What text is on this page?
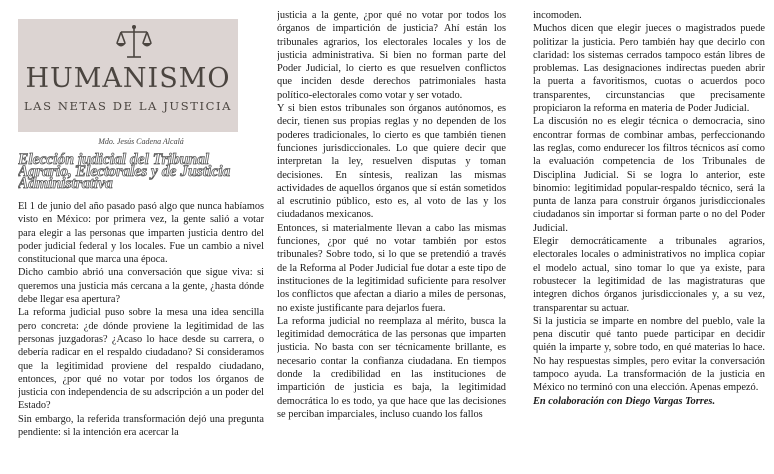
HUMANISMO
LAS NETAS DE LA JUSTICIA
Mdo. Jesús Cadena Alcalá
Elección judicial del Tribunal Agrario, Electorales y de Justicia Administrativa

El 1 de junio del año pasado pasó algo que nunca habíamos visto en México: por primera vez, la gente salió a votar para elegir a las personas que imparten justicia dentro del poder judicial federal y los locales. Fue un cambio a nivel constitucional que marca una época.

Dicho cambio abrió una conversación que sigue viva: si queremos una justicia más cercana a la gente, ¿hasta dónde debe llegar esa apertura?

La reforma judicial puso sobre la mesa una idea sencilla pero concreta: ¿de dónde proviene la legitimidad de las personas juzgadoras? ¿Acaso lo hace desde su carrera, o debería radicar en el respaldo ciudadano? Si consideramos que la legitimidad proviene del respaldo ciudadano, entonces, ¿por qué no votar por todos los órganos de justicia con independencia de su adscripción a un poder del Estado?

Sin embargo, la referida transformación dejó una pregunta pendiente: si la intención era acercar la

justicia a la gente, ¿por qué no votar por todos los órganos de impartición de justicia? Ahí están los tribunales agrarios, los electorales locales y los de justicia administrativa. Si bien no forman parte del Poder Judicial, lo cierto es que resuelven conflictos que inciden desde derechos patrimoniales hasta político-electorales como votar y ser votado.

Y si bien estos tribunales son órganos autónomos, es decir, tienen sus propias reglas y no dependen de los poderes tradicionales, lo cierto es que también tienen funciones jurisdiccionales. Lo que quiere decir que interpretan la ley, resuelven disputas y toman decisiones. En síntesis, realizan las mismas actividades de aquellos órganos que sí están sometidos al escrutinio público, esto es, al voto de las y los ciudadanos mexicanos.

Entonces, si materialmente llevan a cabo las mismas funciones, ¿por qué no votar también por estos tribunales? Sobre todo, si lo que se pretendió a través de la Reforma al Poder Judicial fue dotar a este tipo de instituciones de la legitimidad suficiente para resolver los conflictos que afectan a diario a miles de personas, no existe justificante para dejarlos fuera.

La reforma judicial no reemplaza al mérito, busca la legitimidad democrática de las personas que imparten justicia. No basta con ser técnicamente brillante, es necesario contar la confianza ciudadana. En tiempos donde la credibilidad en las instituciones de impartición de justicia es baja, la legitimidad democrática lo es todo, ya que hace que las decisiones se perciban imparciales, incluso cuando los fallos

incomoden.

Muchos dicen que elegir jueces o magistrados puede politizar la justicia. Pero también hay que decirlo con claridad: los sistemas cerrados tampoco están libres de problemas. Las designaciones indirectas pueden abrir la puerta a favoritismos, cuotas o acuerdos poco transparentes, circunstancias que precisamente propiciaron la reforma en materia de Poder Judicial.

La discusión no es elegir técnica o democracia, sino encontrar formas de combinar ambas, perfeccionando las reglas, como endurecer los filtros técnicos así como la evaluación competencia de los Tribunales de Disciplina Judicial. Si se logra lo anterior, este binomio: legitimidad popular-respaldo técnico, será la punta de lanza para construir órganos jurisdiccionales ciudadanos sin importar si forman parte o no del Poder Judicial.

Elegir democráticamente a tribunales agrarios, electorales locales o administrativos no implica copiar el modelo actual, sino tomar lo que ya existe, para robustecer la legitimidad de las magistraturas que integren dichos órganos jurisdiccionales y, a su vez, transparentar su actuar.

Si la justicia se imparte en nombre del pueblo, vale la pena discutir qué tanto puede participar en decidir quién la imparte y, sobre todo, en qué materias lo hace. No hay respuestas simples, pero evitar la conversación tampoco ayuda. La transformación de la justicia en México no terminó con una elección. Apenas empezó.

En colaboración con Diego Vargas Torres.
